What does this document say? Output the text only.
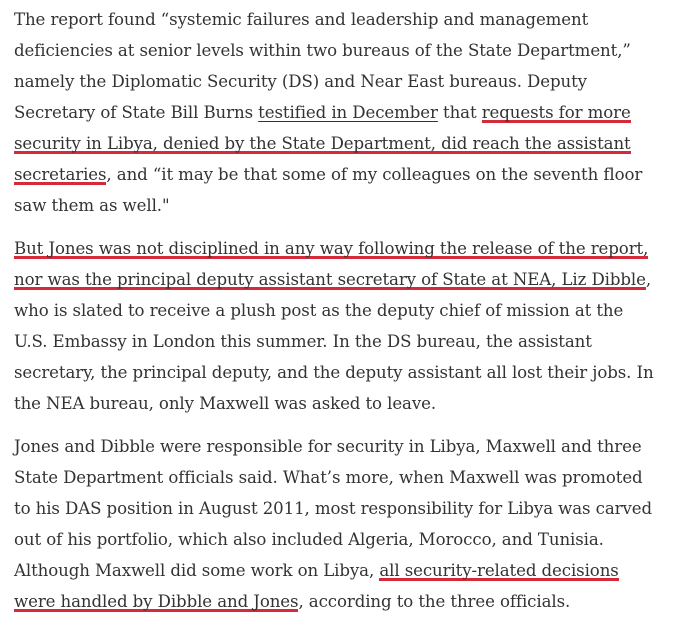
The report found “systemic failures and leadership and management
deficiencies at senior levels within two bureaus of the State Department,”
namely the Diplomatic Security (DS) and Near East bureaus. Deputy
Secretary of State Bill Burns testified in December that requests for more
security in Libya, denied by the State Department, did reach the assistant
secretaries, and “it may be that some of my colleagues on the seventh floor
saw them as well."

But Jones was not disciplined in any way following the release of the report,
nor was the principal deputy assistant secretary of State at NEA, Liz Dibble,
who is slated to receive a plush post as the deputy chief of mission at the
U.S. Embassy in London this summer. In the DS bureau, the assistant
secretary, the principal deputy, and the deputy assistant all lost their jobs. In
the NEA bureau, only Maxwell was asked to leave.

Jones and Dibble were responsible for security in Libya, Maxwell and three
State Department officials said. What’s more, when Maxwell was promoted
to his DAS position in August 2011, most responsibility for Libya was carved
out of his portfolio, which also included Algeria, Morocco, and Tunisia.
Although Maxwell did some work on Libya, all security-related decisions
were handled by Dibble and Jones, according to the three officials.
